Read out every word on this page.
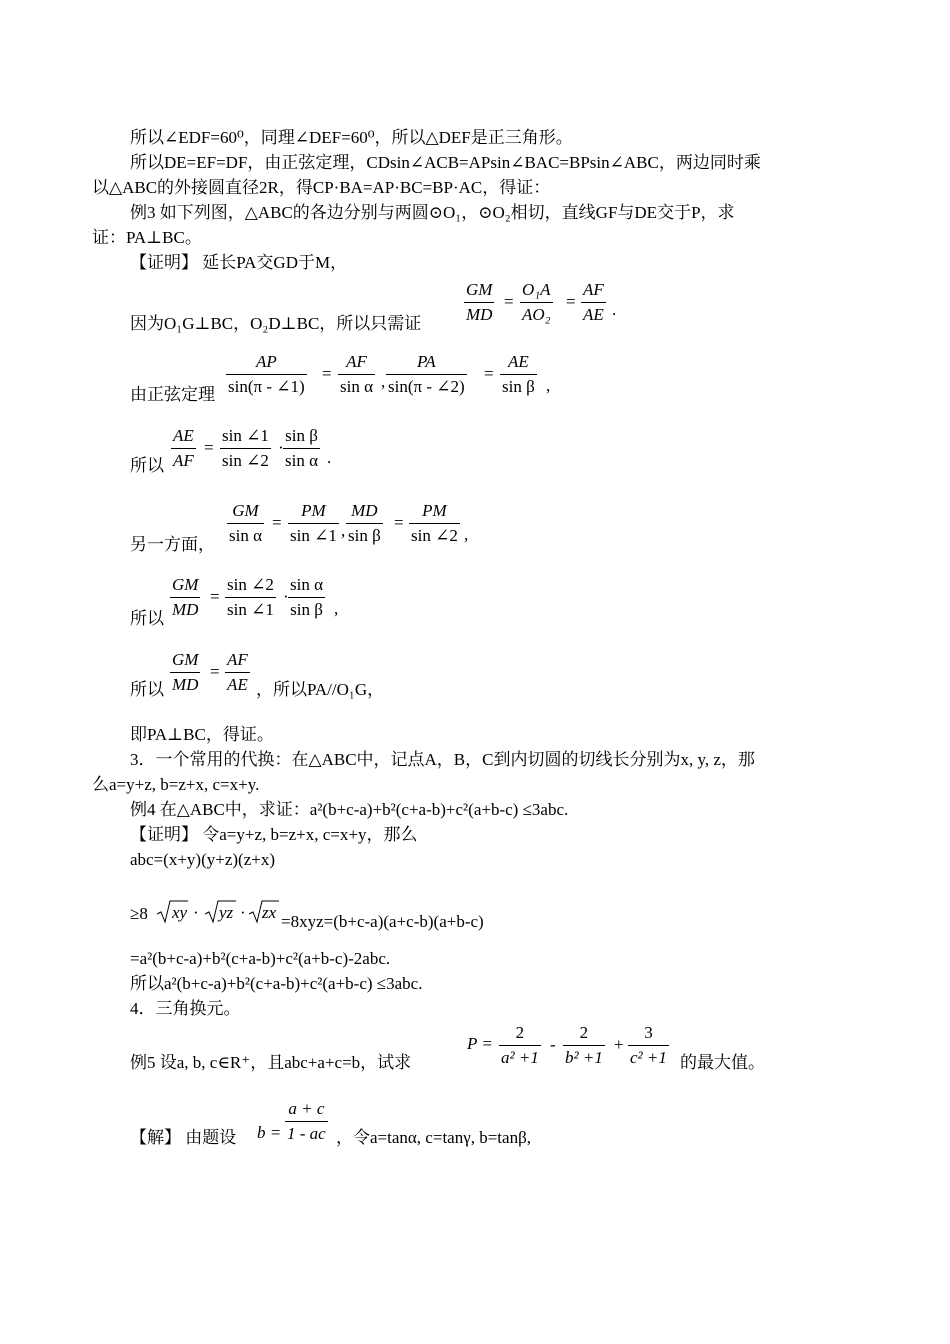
所以∠EDF=60⁰，同理∠DEF=60⁰，所以△DEF是正三角形。
所以DE=EF=DF，由正弦定理，CDsin∠ACB=APsin∠BAC=BPsin∠ABC，两边同时乘
以△ABC的外接圆直径2R，得CP·BA=AP·BC=BP·AC，得证：
例3 如下列图，△ABC的各边分别与两圆⊙O₁，⊙O₂相切，直线GF与DE交于P，求
证：PA⊥BC。
【证明】 延长PA交GD于M，
因为O₁G⊥BC，O₂D⊥BC，所以只需证	$\frac{GM}{MD} = \frac{\text{O₁A}}{\text{AO₂}} = \frac{AF}{AE}$ .
由正弦定理 $\frac{AP}{\sin(\pi - \angle 1)} = \frac{AF}{\text{sin α}}$ , $\frac{PA}{\sin(\pi - \angle 2)} = \frac{AE}{\text{sin β}}$ ,
所以 $\frac{AE}{AF} = \frac{\sin \angle 1}{\sin \angle 2} \cdot \frac{\text{sin β}}{\text{sin α}}$ .
另一方面， $\frac{GM}{\text{sin α}} = \frac{PM}{\sin \angle 1}$ , $\frac{MD}{\text{sin β}} = \frac{PM}{\sin \angle 2}$ ,
所以 $\frac{GM}{MD} = \frac{\sin \angle 2}{\sin \angle 1} \cdot \frac{\text{sin α}}{\text{sin β}}$ ,
所以 $\frac{GM}{MD} = \frac{AF}{AE}$ ，所以PA//O₁G，
即PA⊥BC，得证。
3．一个常用的代换：在△ABC中，记点A，B，C到内切圆的切线长分别为x, y, z，那
么a=y+z, b=z+x, c=x+y.
例4 在△ABC中，求证：a²(b+c-a)+b²(c+a-b)+c²(a+b-c) ≤3abc.
【证明】 令a=y+z, b=z+x, c=x+y，那么
abc=(x+y)(y+z)(z+x)
≥8 xy · yz · zx =8xyz=(b+c-a)(a+c-b)(a+b-c)
=a²(b+c-a)+b²(c+a-b)+c²(a+b-c)-2abc.
所以a²(b+c-a)+b²(c+a-b)+c²(a+b-c) ≤3abc.
4．三角换元。
例5 设a, b, c∈R⁺，且abc+a+c=b，试求
$P = \frac{2}{\text{a² +1}} - \frac{2}{\text{b² +1}} + \frac{3}{\text{c² +1}}$ 的最大值。
【解】 由题设 $b = \frac{a + c}{1 - ac}$ ，令a=tanα, c=tanγ, b=tanβ,
